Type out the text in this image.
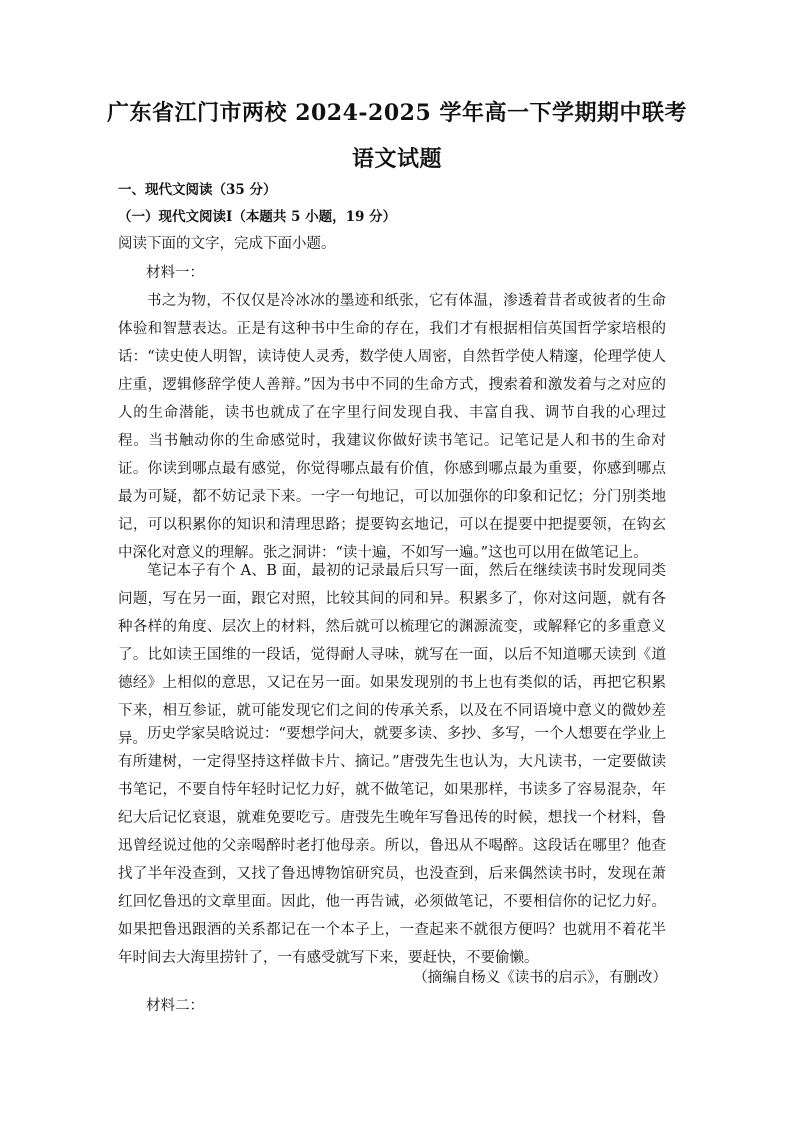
广东省江门市两校 2024-2025 学年高一下学期期中联考
语文试题
一、现代文阅读（35 分）
（一）现代文阅读Ⅰ（本题共 5 小题，19 分）
阅读下面的文字，完成下面小题。
材料一：
书之为物，不仅仅是冷冰冰的墨迹和纸张，它有体温，渗透着昔者或彼者的生命体验和智慧表达。正是有这种书中生命的存在，我们才有根据相信英国哲学家培根的话：“读史使人明智，读诗使人灵秀，数学使人周密，自然哲学使人精邃，伦理学使人庄重，逻辑修辞学使人善辩。”因为书中不同的生命方式，搜索着和激发着与之对应的人的生命潜能，读书也就成了在字里行间发现自我、丰富自我、调节自我的心理过程。当书触动你的生命感觉时，我建议你做好读书笔记。记笔记是人和书的生命对证。你读到哪点最有感觉，你觉得哪点最有价值，你感到哪点最为重要，你感到哪点最为可疑，都不妨记录下来。一字一句地记，可以加强你的印象和记忆；分门别类地记，可以积累你的知识和清理思路；提要钩玄地记，可以在提要中把提要领，在钩玄中深化对意义的理解。张之洞讲：“读十遍，不如写一遍。”这也可以用在做笔记上。
笔记本子有个 A、B 面，最初的记录最后只写一面，然后在继续读书时发现同类问题，写在另一面，跟它对照，比较其间的同和异。积累多了，你对这问题，就有各种各样的角度、层次上的材料，然后就可以梳理它的渊源流变，或解释它的多重意义了。比如读王国维的一段话，觉得耐人寻味，就写在一面，以后不知道哪天读到《道德经》上相似的意思，又记在另一面。如果发现别的书上也有类似的话，再把它积累下来，相互参证，就可能发现它们之间的传承关系，以及在不同语境中意义的微妙差异。 历史学家吴晗说过：“要想学问大，就要多读、多抄、多写，一个人想要在学业上有所建树，一定得坚持这样做卡片、摘记。”唐弢先生也认为，大凡读书，一定要做读书笔记，不要自恃年轻时记忆力好，就不做笔记，如果那样，书读多了容易混杂，年纪大后记忆衰退，就难免要吃亏。唐弢先生晚年写鲁迅传的时候，想找一个材料，鲁迅曾经说过他的父亲喝醉时老打他母亲。所以，鲁迅从不喝醉。这段话在哪里？他查找了半年没查到，又找了鲁迅博物馆研究员，也没查到，后来偶然读书时，发现在萧红回忆鲁迅的文章里面。因此，他一再告诫，必须做笔记，不要相信你的记忆力好。如果把鲁迅跟酒的关系都记在一个本子上，一查起来不就很方便吗？也就用不着花半年时间去大海里捞针了，一有感受就写下来，要赶快，不要偷懒。
（摘编自杨义《读书的启示》，有删改）
材料二：
